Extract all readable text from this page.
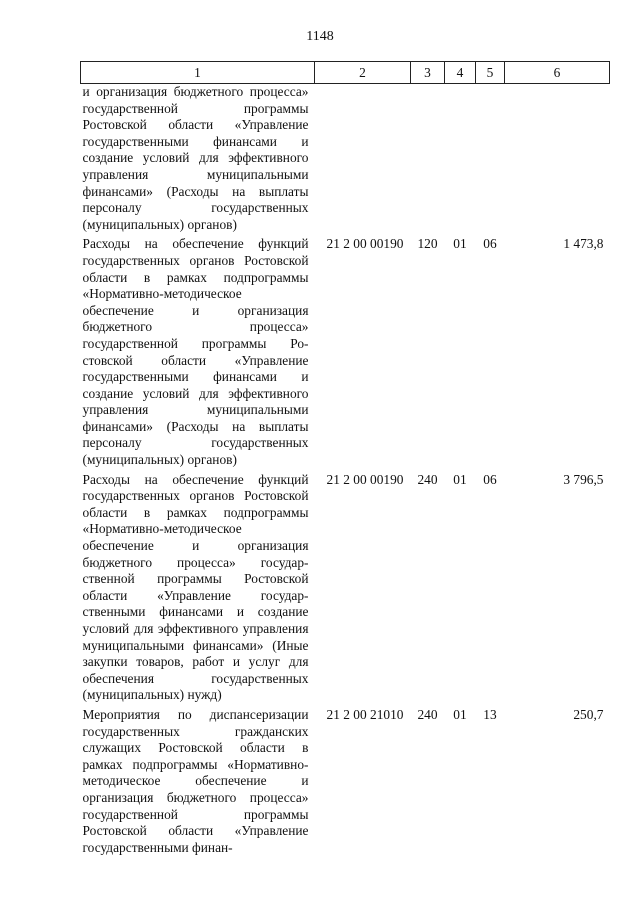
1148
1	2	3	4	5	6
и организация бюджетного процесса» государственной программы Ростовской области «Управление государственными финансами и создание условий для эффективного управления муниципальными финансами» (Расходы на выплаты персоналу государственных (муниципальных) органов)					
Расходы на обеспечение функций государственных органов Ростовской области в рамках подпрограммы «Нормативно-методическое обеспечение и организация бюджетного процесса» государственной программы Ростовской области «Управление государственными финансами и создание условий для эффективного управления муниципальными финансами» (Расходы на выплаты персоналу государственных (муниципальных) органов)	21 2 00 00190	120	01	06	1 473,8
Расходы на обеспечение функций государственных органов Ростовской области в рамках подпрограммы «Нормативно-методическое обеспечение и организация бюджетного процесса» государственной программы Ростовской области «Управление государственными финансами и создание условий для эффективного управления муниципальными финансами» (Иные закупки товаров, работ и услуг для обеспечения государственных (муниципальных) нужд)	21 2 00 00190	240	01	06	3 796,5
Мероприятия по диспансеризации государственных гражданских служащих Ростовской области в рамках подпрограммы «Нормативно-методическое обеспечение и организация бюджетного процесса» государственной программы Ростовской области «Управление государственными финан-	21 2 00 21010	240	01	13	250,7
